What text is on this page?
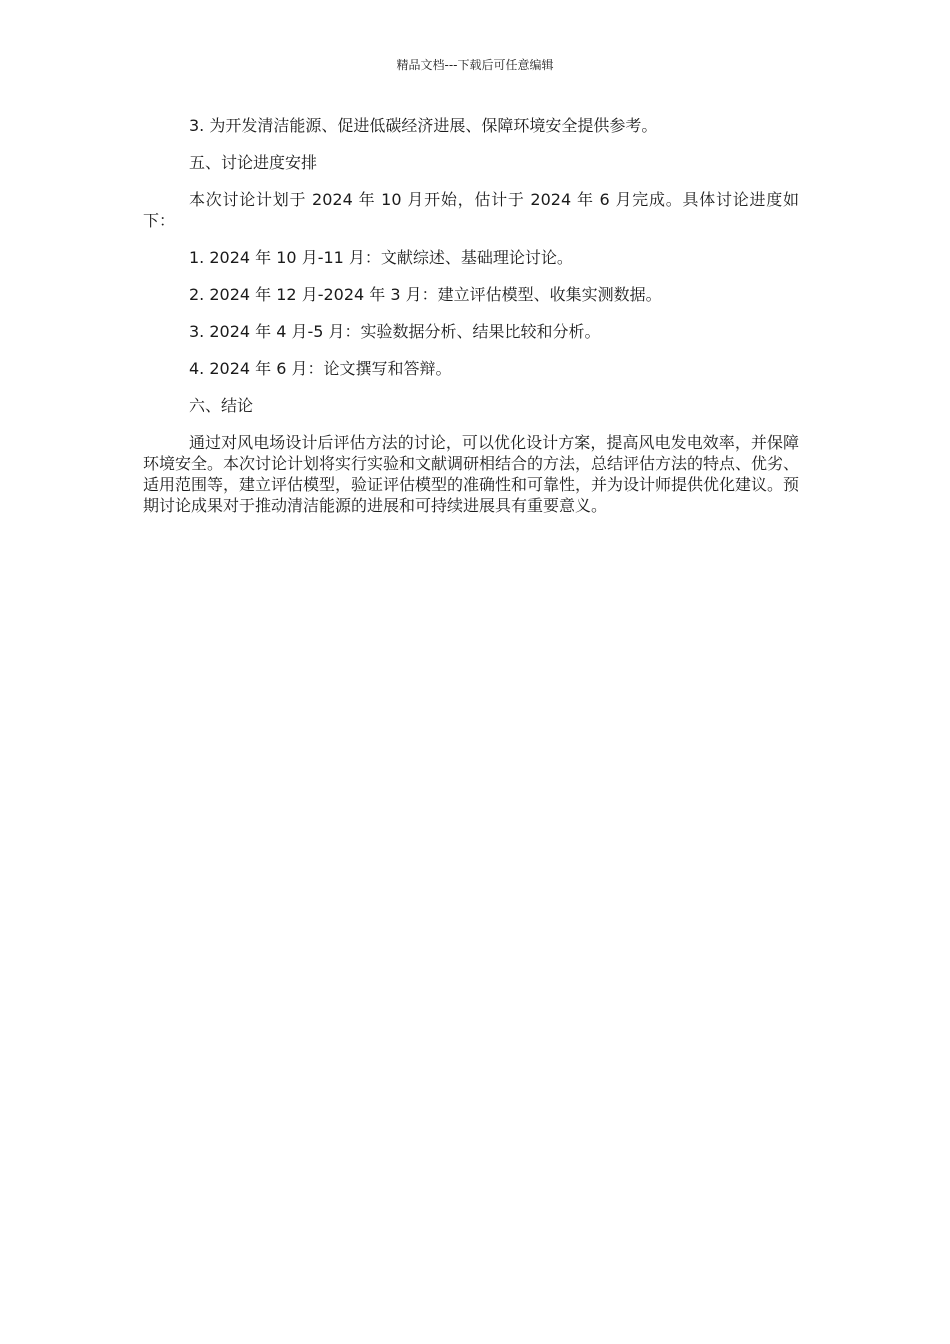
精品文档---下载后可任意编辑

3. 为开发清洁能源、促进低碳经济进展、保障环境安全提供参考。

五、讨论进度安排

本次讨论计划于 2024 年 10 月开始，估计于 2024 年 6 月完成。具体讨论进度如下：

1. 2024 年 10 月-11 月：文献综述、基础理论讨论。

2. 2024 年 12 月-2024 年 3 月：建立评估模型、收集实测数据。

3. 2024 年 4 月-5 月：实验数据分析、结果比较和分析。

4. 2024 年 6 月：论文撰写和答辩。

六、结论

通过对风电场设计后评估方法的讨论，可以优化设计方案，提高风电发电效率，并保障环境安全。本次讨论计划将实行实验和文献调研相结合的方法，总结评估方法的特点、优劣、适用范围等，建立评估模型，验证评估模型的准确性和可靠性，并为设计师提供优化建议。预期讨论成果对于推动清洁能源的进展和可持续进展具有重要意义。
